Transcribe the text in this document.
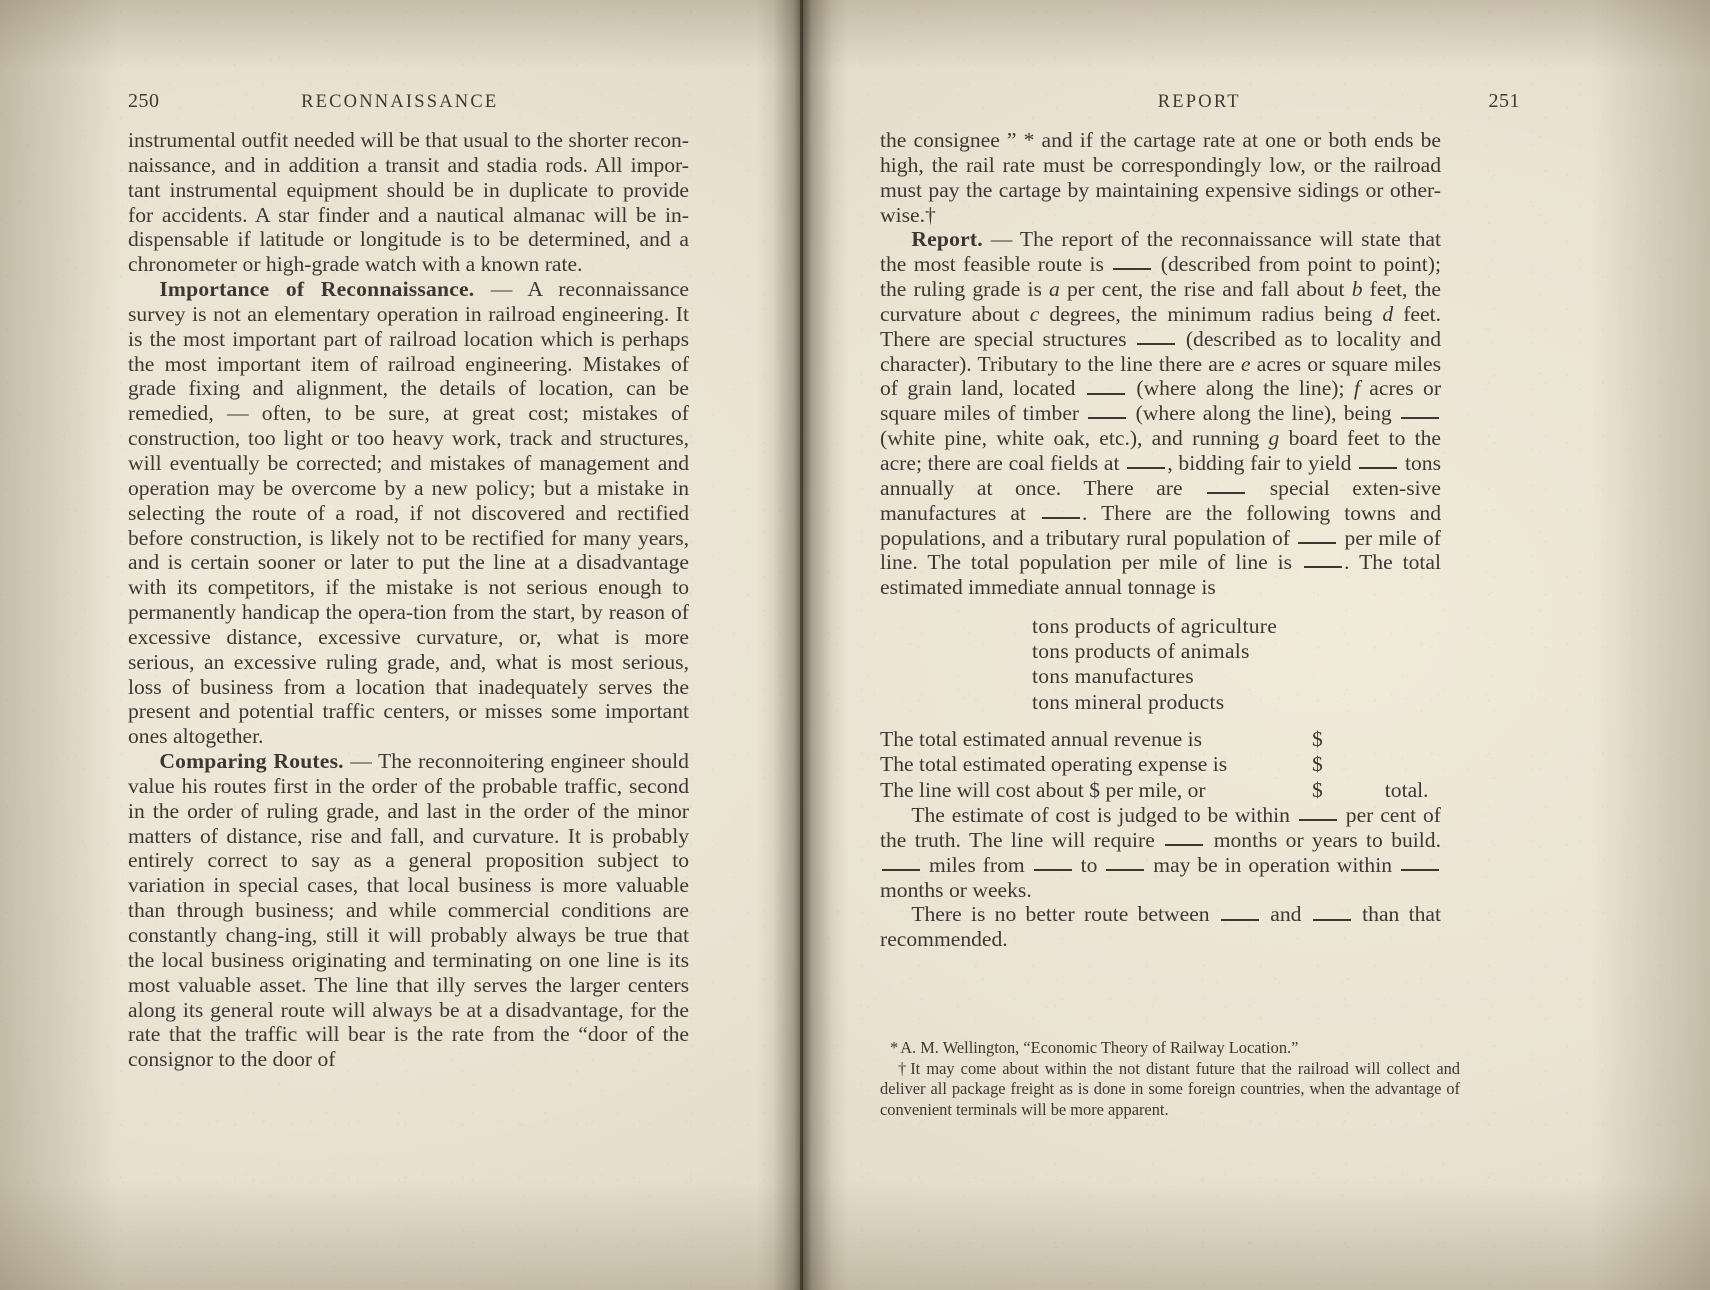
250	RECONNAISSANCE

instrumental outfit needed will be that usual to the shorter recon-naissance, and in addition a transit and stadia rods. All impor-tant instrumental equipment should be in duplicate to provide for accidents. A star finder and a nautical almanac will be in-dispensable if latitude or longitude is to be determined, and a chronometer or high-grade watch with a known rate.

Importance of Reconnaissance. — A reconnaissance survey is not an elementary operation in railroad engineering. It is the most important part of railroad location which is perhaps the most important item of railroad engineering. Mistakes of grade fixing and alignment, the details of location, can be remedied, — often, to be sure, at great cost; mistakes of construction, too light or too heavy work, track and structures, will eventually be corrected; and mistakes of management and operation may be overcome by a new policy; but a mistake in selecting the route of a road, if not discovered and rectified before construction, is likely not to be rectified for many years, and is certain sooner or later to put the line at a disadvantage with its competitors, if the mistake is not serious enough to permanently handicap the opera-tion from the start, by reason of excessive distance, excessive curvature, or, what is more serious, an excessive ruling grade, and, what is most serious, loss of business from a location that inadequately serves the present and potential traffic centers, or misses some important ones altogether.

Comparing Routes. — The reconnoitering engineer should value his routes first in the order of the probable traffic, second in the order of ruling grade, and last in the order of the minor matters of distance, rise and fall, and curvature. It is probably entirely correct to say as a general proposition subject to variation in special cases, that local business is more valuable than through business; and while commercial conditions are constantly chang-ing, still it will probably always be true that the local business originating and terminating on one line is its most valuable asset. The line that illy serves the larger centers along its general route will always be at a disadvantage, for the rate that the traffic will bear is the rate from the “door of the consignor to the door of

REPORT	251

the consignee ” * and if the cartage rate at one or both ends be high, the rail rate must be correspondingly low, or the railroad must pay the cartage by maintaining expensive sidings or other-wise.†

Report. — The report of the reconnaissance will state that the most feasible route is  (described from point to point); the ruling grade is a per cent, the rise and fall about b feet, the curvature about c degrees, the minimum radius being d feet. There are special structures  (described as to locality and character). Tributary to the line there are e acres or square miles of grain land, located  (where along the line); f acres or square miles of timber  (where along the line), being  (white pine, white oak, etc.), and running g board feet to the acre; there are coal fields at , bidding fair to yield  tons annually at once. There are  special exten-sive manufactures at . There are the following towns and populations, and a tributary rural population of  per mile of line. The total population per mile of line is . The total estimated immediate annual tonnage is

tons products of agriculture
tons products of animals
tons manufactures
tons mineral products
The total estimated annual revenue is	$
The total estimated operating expense is	$
The line will cost about $ per mile, or	$	total.

The estimate of cost is judged to be within  per cent of the truth. The line will require  months or years to build.  miles from  to  may be in operation within  months or weeks.

There is no better route between  and  than that recommended.

* A. M. Wellington, “Economic Theory of Railway Location.”

† It may come about within the not distant future that the railroad will collect and deliver all package freight as is done in some foreign countries, when the advantage of convenient terminals will be more apparent.
